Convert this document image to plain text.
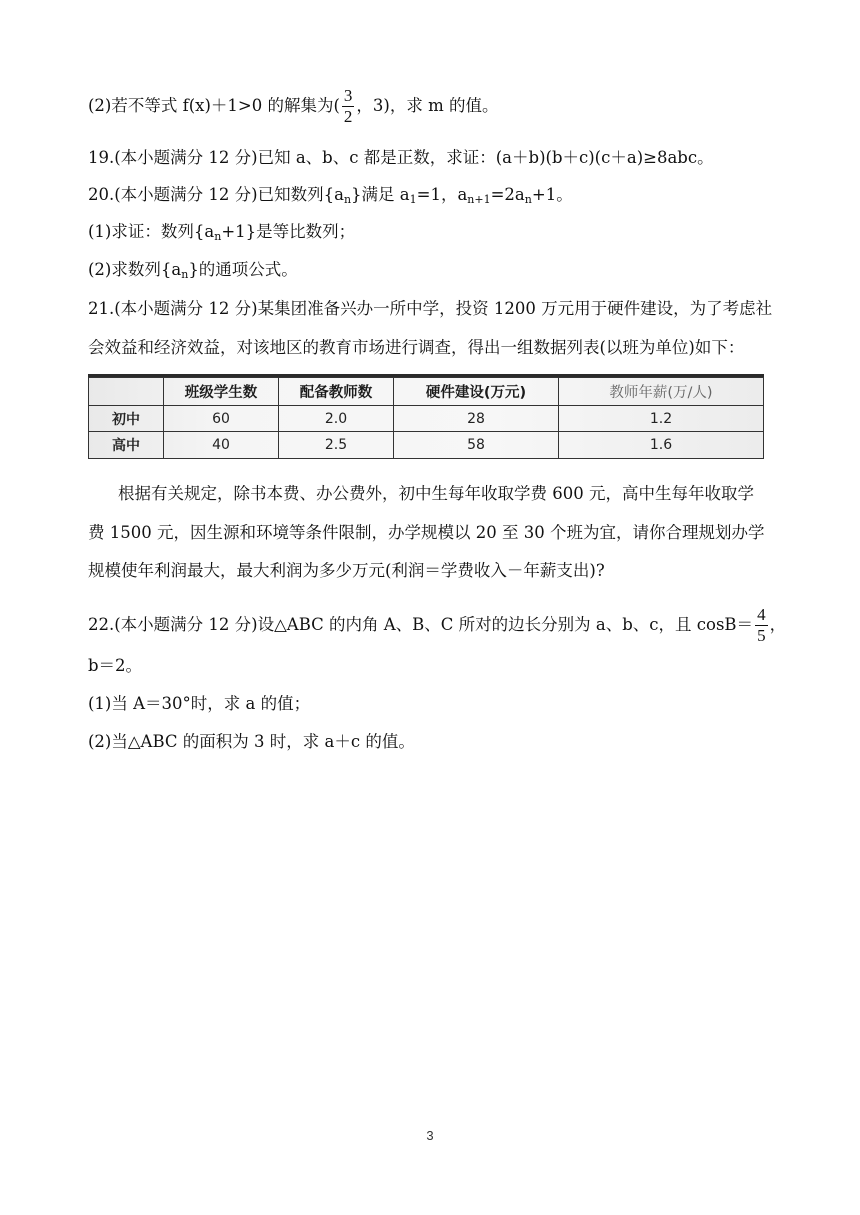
(2)若不等式 f(x)＋1>0 的解集为( $\frac{3}{2}$ ，3)，求 m 的值。
19.(本小题满分 12 分)已知 a、b、c 都是正数，求证：(a＋b)(b＋c)(c＋a)≥8abc。
20.(本小题满分 12 分)已知数列$\{a_n\}$满足 $a_1=1$，$a_{n+1}=2a_n+1$。
(1)求证：数列$\{a_n+1\}$是等比数列；
(2)求数列$\{a_n\}$的通项公式。
21.(本小题满分 12 分)某集团准备兴办一所中学，投资 1200 万元用于硬件建设，为了考虑社
会效益和经济效益，对该地区的教育市场进行调查，得出一组数据列表(以班为单位)如下：
	班级学生数	配备教师数	硬件建设(万元)	教师年薪(万/人)
初中	60	2.0	28	1.2
高中	40	2.5	58	1.6
根据有关规定，除书本费、办公费外，初中生每年收取学费 600 元，高中生每年收取学
费 1500 元，因生源和环境等条件限制，办学规模以 20 至 30 个班为宜，请你合理规划办学
规模使年利润最大，最大利润为多少万元(利润＝学费收入－年薪支出)?
22.(本小题满分 12 分)设△ABC 的内角 A、B、C 所对的边长分别为 a、b、c，且 $\cos B= \frac{4}{5}$ ，
b＝2。
(1)当 A＝30°时，求 a 的值；
(2)当△ABC 的面积为 3 时，求 a＋c 的值。
3
